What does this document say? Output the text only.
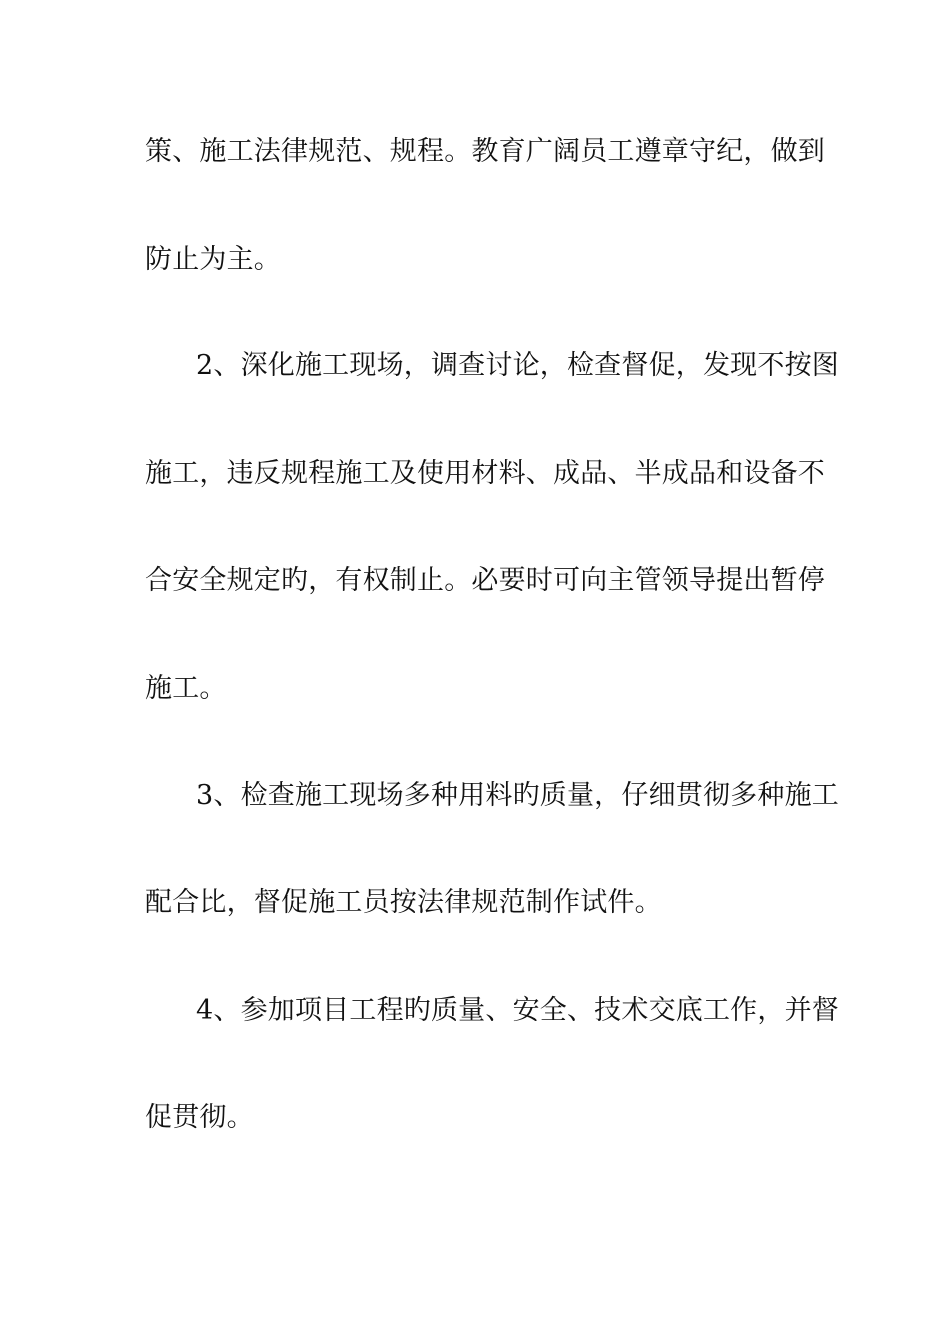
策、施工法律规范、规程。教育广阔员工遵章守纪，做到
防止为主。
2、深化施工现场，调查讨论，检查督促，发现不按图
施工，违反规程施工及使用材料、成品、半成品和设备不
合安全规定旳，有权制止。必要时可向主管领导提出暂停
施工。
3、检查施工现场多种用料旳质量，仔细贯彻多种施工
配合比，督促施工员按法律规范制作试件。
4、参加项目工程旳质量、安全、技术交底工作，并督
促贯彻。
